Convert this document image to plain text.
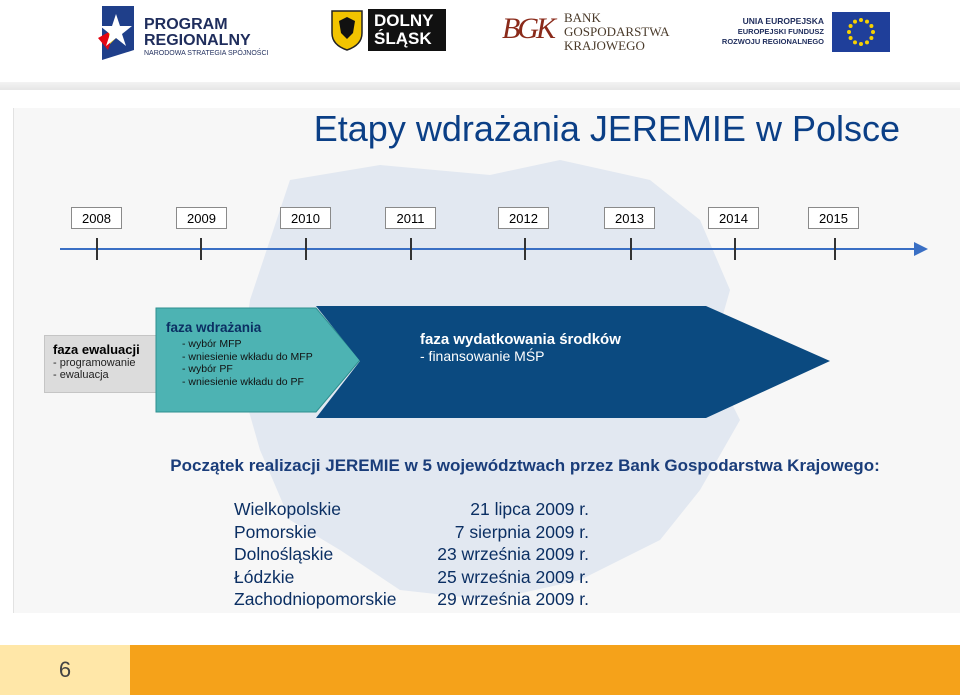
PROGRAM
REGIONALNY
NARODOWA STRATEGIA SPÓJNOŚCI
DOLNY
ŚLĄSK BGK BANK
GOSPODARSTWA
KRAJOWEGO
UNIA EUROPEJSKA
EUROPEJSKI FUNDUSZ
ROZWOJU REGIONALNEGO
Etapy wdrażania JEREMIE w Polsce
2008	2009	2010	2011	2012	2013	2014	2015
faza ewaluacji
- programowanie
- ewaluacja
faza wdrażania
- wybór MFP
- wniesienie wkładu do MFP
- wybór PF
- wniesienie wkładu do PF
faza wydatkowania środków
- finansowanie MŚP
Początek realizacji JEREMIE w 5 województwach przez Bank Gospodarstwa Krajowego:
Wielkopolskie	21 lipca 2009 r.
Pomorskie	7 sierpnia 2009 r.
Dolnośląskie	23 września 2009 r.
Łódzkie	25 września 2009 r.
Zachodniopomorskie 29 września 2009 r.
6
